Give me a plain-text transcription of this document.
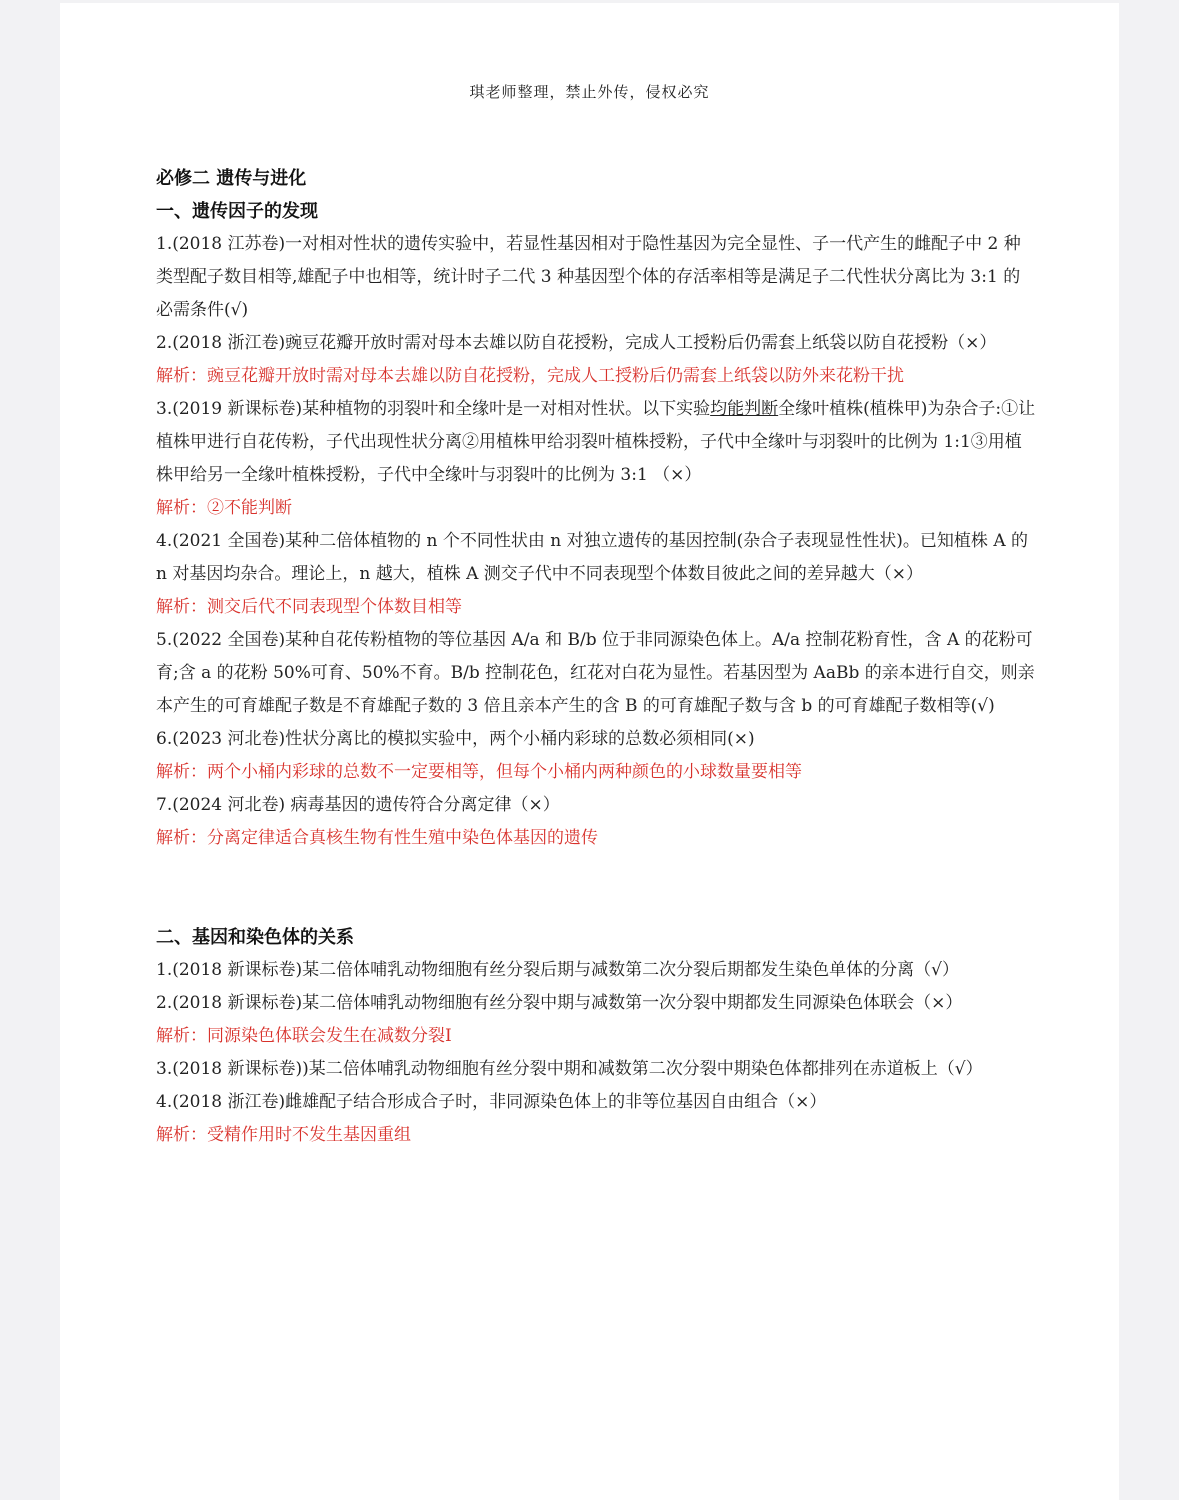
琪老师整理，禁止外传，侵权必究

必修二 遗传与进化

一、遗传因子的发现

1.(2018 江苏卷)一对相对性状的遗传实验中，若显性基因相对于隐性基因为完全显性、子一代产生的雌配子中 2 种类型配子数目相等,雄配子中也相等，统计时子二代 3 种基因型个体的存活率相等是满足子二代性状分离比为 3:1 的必需条件(√)

2.(2018 浙江卷)豌豆花瓣开放时需对母本去雄以防自花授粉，完成人工授粉后仍需套上纸袋以防自花授粉（×）

解析：豌豆花瓣开放时需对母本去雄以防自花授粉，完成人工授粉后仍需套上纸袋以防外来花粉干扰

3.(2019 新课标卷)某种植物的羽裂叶和全缘叶是一对相对性状。以下实验均能判断全缘叶植株(植株甲)为杂合子:①让植株甲进行自花传粉，子代出现性状分离②用植株甲给羽裂叶植株授粉，子代中全缘叶与羽裂叶的比例为 1:1③用植株甲给另一全缘叶植株授粉，子代中全缘叶与羽裂叶的比例为 3:1 （×）

解析：②不能判断

4.(2021 全国卷)某种二倍体植物的 n 个不同性状由 n 对独立遗传的基因控制(杂合子表现显性性状)。已知植株 A 的 n 对基因均杂合。理论上，n 越大，植株 A 测交子代中不同表现型个体数目彼此之间的差异越大（×）

解析：测交后代不同表现型个体数目相等

5.(2022 全国卷)某种自花传粉植物的等位基因 A/a 和 B/b 位于非同源染色体上。A/a 控制花粉育性，含 A 的花粉可育;含 a 的花粉 50%可育、50%不育。B/b 控制花色，红花对白花为显性。若基因型为 AaBb 的亲本进行自交，则亲本产生的可育雄配子数是不育雄配子数的 3 倍且亲本产生的含 B 的可育雄配子数与含 b 的可育雄配子数相等(√)

6.(2023 河北卷)性状分离比的模拟实验中，两个小桶内彩球的总数必须相同(×)

解析：两个小桶内彩球的总数不一定要相等，但每个小桶内两种颜色的小球数量要相等

7.(2024 河北卷) 病毒基因的遗传符合分离定律（×）

解析：分离定律适合真核生物有性生殖中染色体基因的遗传

二、基因和染色体的关系

1.(2018 新课标卷)某二倍体哺乳动物细胞有丝分裂后期与减数第二次分裂后期都发生染色单体的分离（√）

2.(2018 新课标卷)某二倍体哺乳动物细胞有丝分裂中期与减数第一次分裂中期都发生同源染色体联会（×）

解析：同源染色体联会发生在减数分裂Ⅰ

3.(2018 新课标卷))某二倍体哺乳动物细胞有丝分裂中期和减数第二次分裂中期染色体都排列在赤道板上（√）

4.(2018 浙江卷)雌雄配子结合形成合子时，非同源染色体上的非等位基因自由组合（×）

解析：受精作用时不发生基因重组
